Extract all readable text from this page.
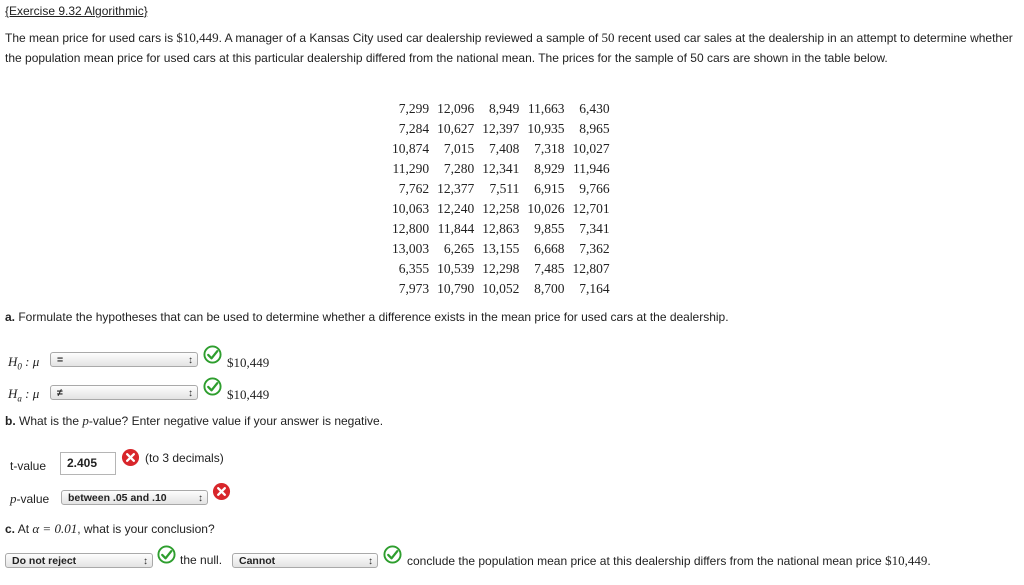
{Exercise 9.32 Algorithmic}
The mean price for used cars is $10,449. A manager of a Kansas City used car dealership reviewed a sample of 50 recent used car sales at the dealership in an attempt to determine whether the population mean price for used cars at this particular dealership differed from the national mean. The prices for the sample of 50 cars are shown in the table below.
7,299	12,096	8,949	11,663	6,430
7,284	10,627	12,397	10,935	8,965
10,874	7,015	7,408	7,318	10,027
11,290	7,280	12,341	8,929	11,946
7,762	12,377	7,511	6,915	9,766
10,063	12,240	12,258	10,026	12,701
12,800	11,844	12,863	9,855	7,341
13,003	6,265	13,155	6,668	7,362
6,355	10,539	12,298	7,485	12,807
7,973	10,790	10,052	8,700	7,164
a. Formulate the hypotheses that can be used to determine whether a difference exists in the mean price for used cars at the dealership.
$H_0$ : μ	=	↕	$10,449
$H_a$ : μ	≠	↕	$10,449
b. What is the p-value? Enter negative value if your answer is negative.
t-value	2.405	(to 3 decimals)
p-value	between .05 and .10	↕
c. At α = 0.01, what is your conclusion?
Do not reject	↕	the null.	Cannot	↕	conclude the population mean price at this dealership differs from the national mean price $10,449.
